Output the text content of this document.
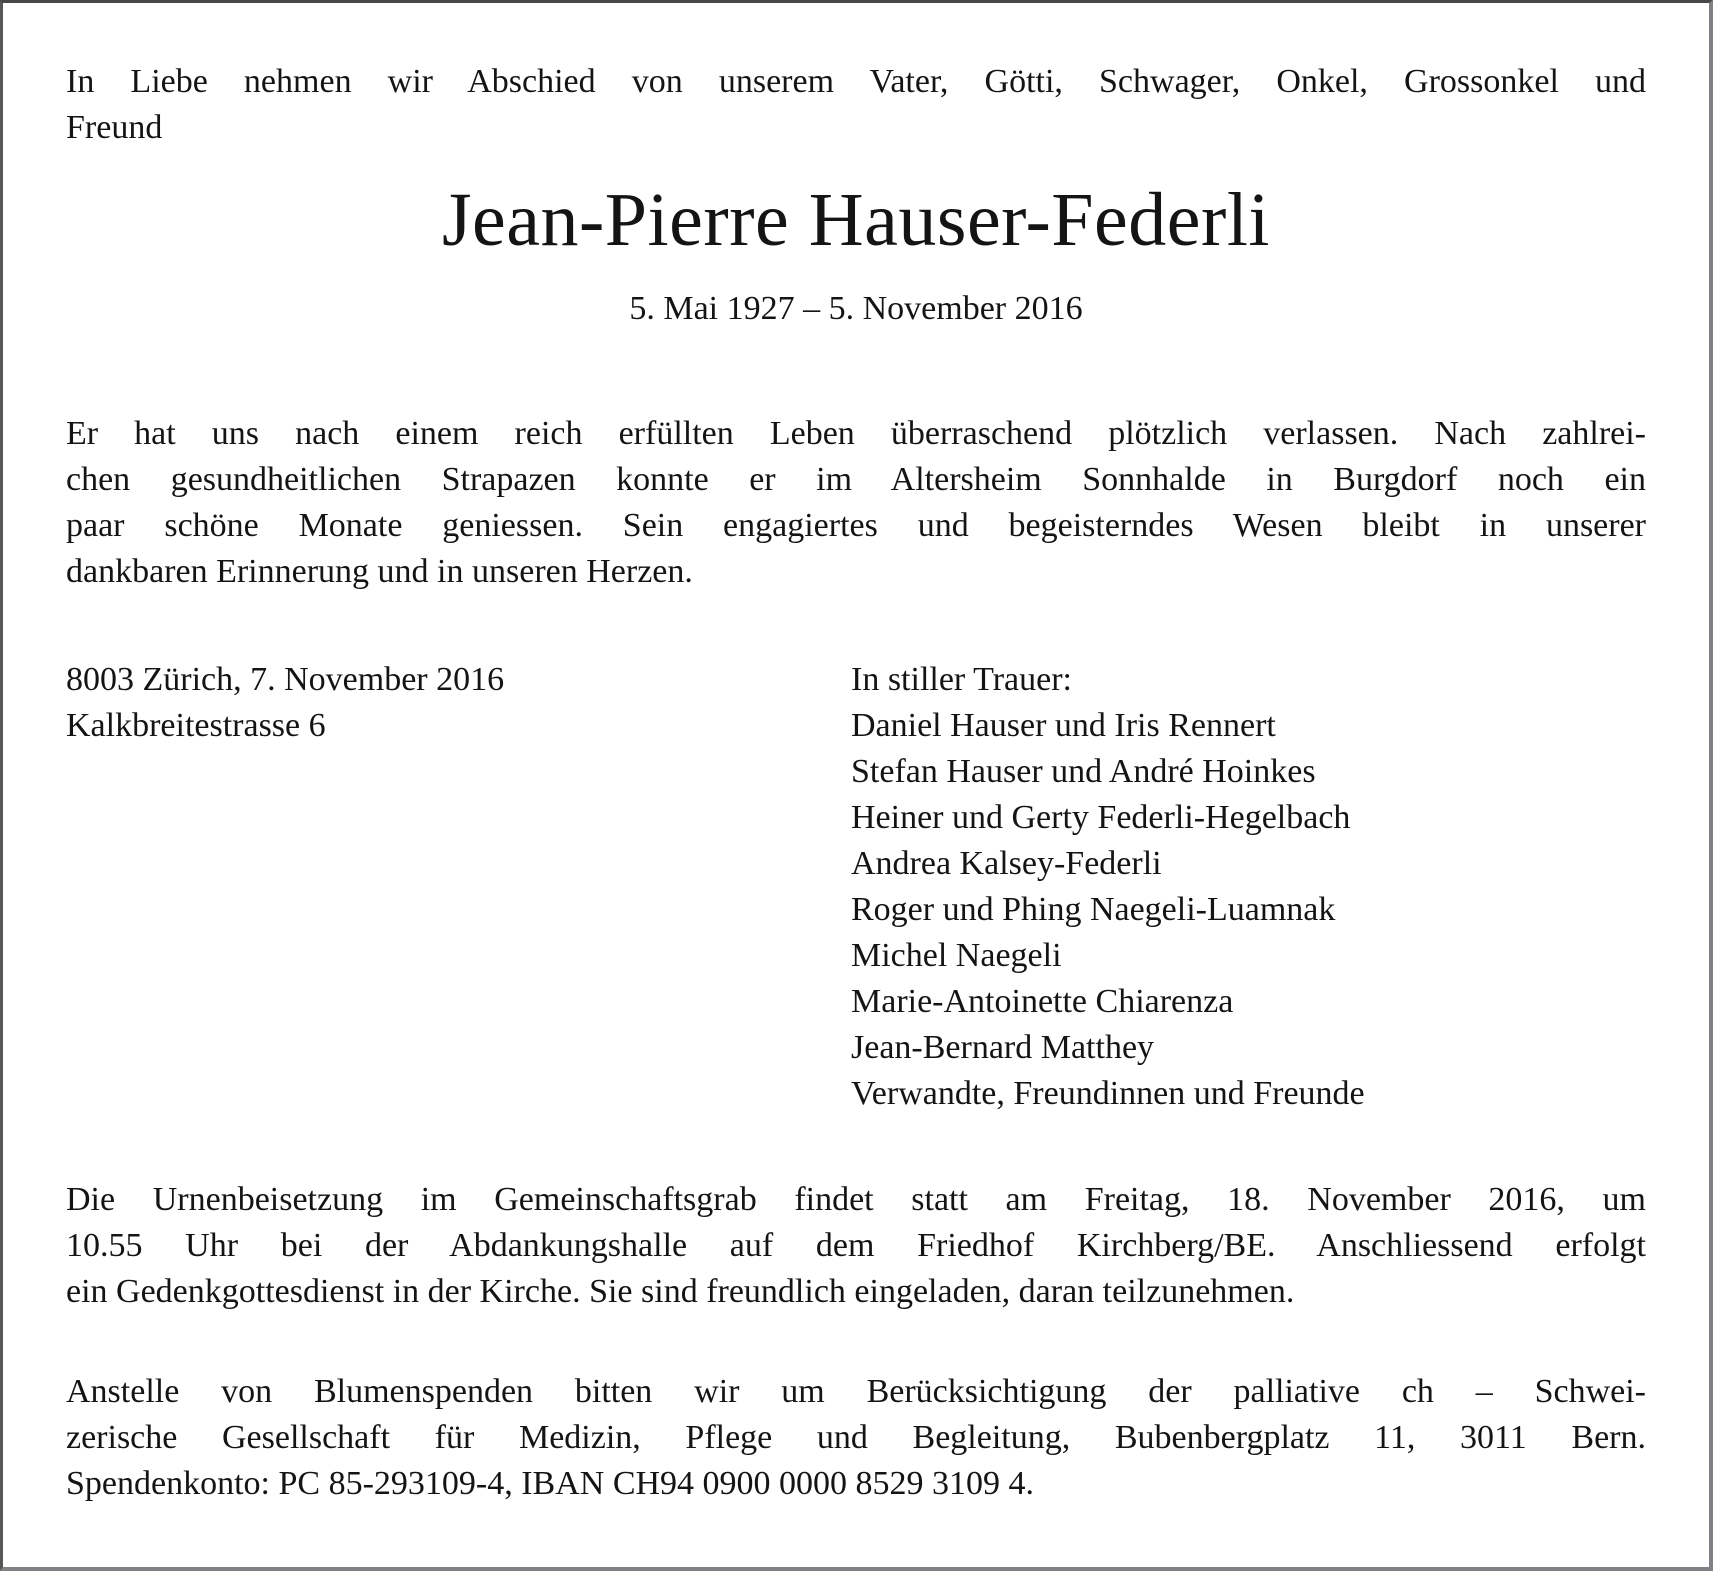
In Liebe nehmen wir Abschied von unserem Vater, Götti, Schwager, Onkel, Grossonkel und
Freund
Jean-Pierre Hauser-Federli
5. Mai 1927 – 5. November 2016
Er hat uns nach einem reich erfüllten Leben überraschend plötzlich verlassen. Nach zahlrei-
chen gesundheitlichen Strapazen konnte er im Altersheim Sonnhalde in Burgdorf noch ein
paar schöne Monate geniessen. Sein engagiertes und begeisterndes Wesen bleibt in unserer
dankbaren Erinnerung und in unseren Herzen.
8003 Zürich, 7. November 2016
Kalkbreitestrasse 6
In stiller Trauer:
Daniel Hauser und Iris Rennert
Stefan Hauser und André Hoinkes
Heiner und Gerty Federli-Hegelbach
Andrea Kalsey-Federli
Roger und Phing Naegeli-Luamnak
Michel Naegeli
Marie-Antoinette Chiarenza
Jean-Bernard Matthey
Verwandte, Freundinnen und Freunde
Die Urnenbeisetzung im Gemeinschaftsgrab findet statt am Freitag, 18. November 2016, um
10.55 Uhr bei der Abdankungshalle auf dem Friedhof Kirchberg/BE. Anschliessend erfolgt
ein Gedenkgottesdienst in der Kirche. Sie sind freundlich eingeladen, daran teilzunehmen.
Anstelle von Blumenspenden bitten wir um Berücksichtigung der palliative ch – Schwei-
zerische Gesellschaft für Medizin, Pflege und Begleitung, Bubenbergplatz 11, 3011 Bern.
Spendenkonto: PC 85-293109-4, IBAN CH94 0900 0000 8529 3109 4.
